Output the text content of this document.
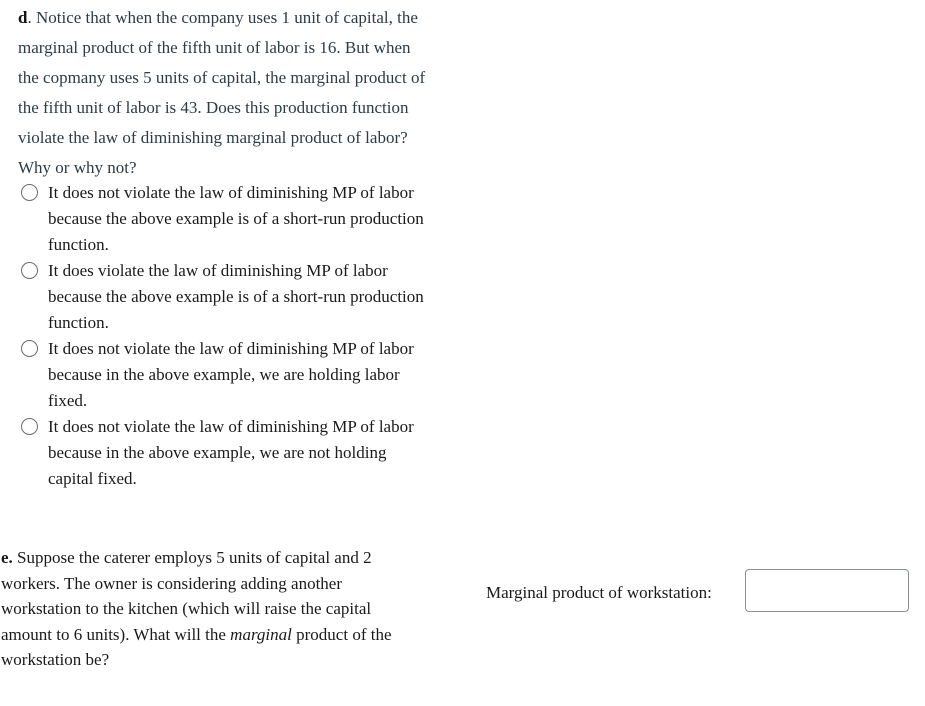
d. Notice that when the company uses 1 unit of capital, the marginal product of the fifth unit of labor is 16. But when the copmany uses 5 units of capital, the marginal product of the fifth unit of labor is 43. Does this production function violate the law of diminishing marginal product of labor? Why or why not?
It does not violate the law of diminishing MP of labor because the above example is of a short-run production function.
It does violate the law of diminishing MP of labor because the above example is of a short-run production function.
It does not violate the law of diminishing MP of labor because in the above example, we are holding labor fixed.
It does not violate the law of diminishing MP of labor because in the above example, we are not holding capital fixed.
e. Suppose the caterer employs 5 units of capital and 2 workers. The owner is considering adding another workstation to the kitchen (which will raise the capital amount to 6 units). What will the marginal product of the workstation be?
Marginal product of workstation:
